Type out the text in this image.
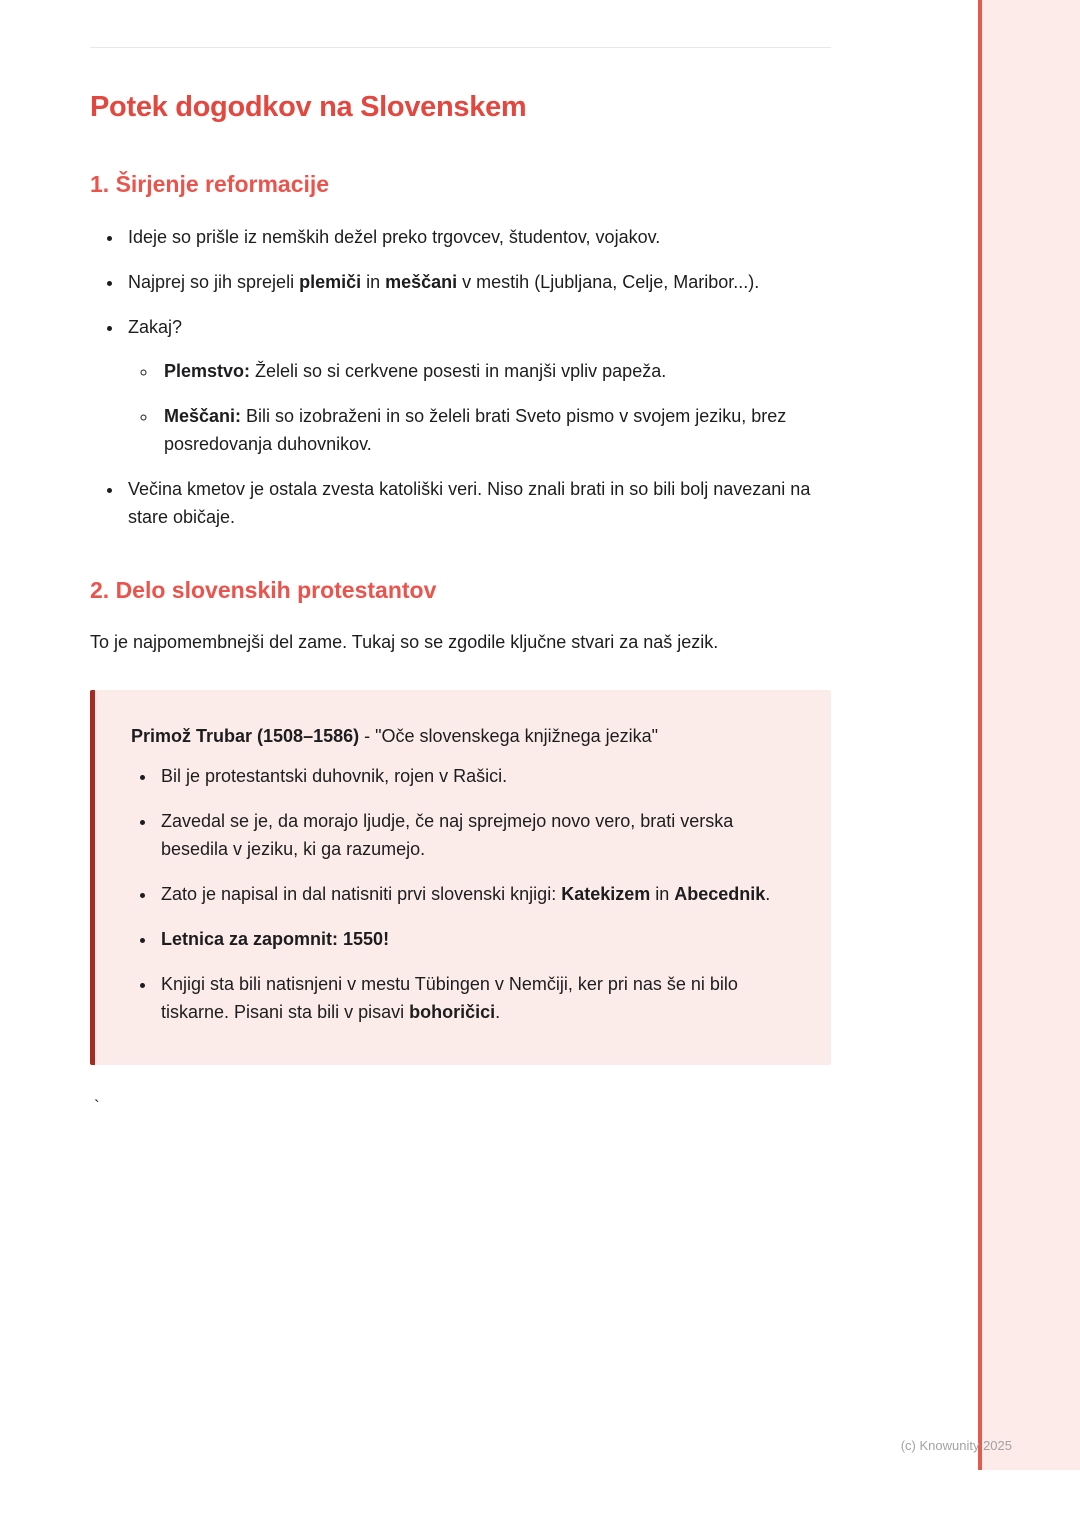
Potek dogodkov na Slovenskem
1. Širjenje reformacije
• Ideje so prišle iz nemških dežel preko trgovcev, študentov, vojakov.
• Najprej so jih sprejeli plemiči in meščani v mestih (Ljubljana, Celje, Maribor...).
• Zakaj?
◦ Plemstvo: Želeli so si cerkvene posesti in manjši vpliv papeža.
◦ Meščani: Bili so izobraženi in so želeli brati Sveto pismo v svojem jeziku, brez posredovanja duhovnikov.
• Večina kmetov je ostala zvesta katoliški veri. Niso znali brati in so bili bolj navezani na stare običaje.
2. Delo slovenskih protestantov

To je najpomembnejši del zame. Tukaj so se zgodile ključne stvari za naš jezik.

Primož Trubar (1508–1586) - "Oče slovenskega knjižnega jezika"

• Bil je protestantski duhovnik, rojen v Rašici.
• Zavedal se je, da morajo ljudje, če naj sprejmejo novo vero, brati verska besedila v jeziku, ki ga razumejo.
• Zato je napisal in dal natisniti prvi slovenski knjigi: Katekizem in Abecednik.
• Letnica za zapomnit: 1550!
• Knjigi sta bili natisnjeni v mestu Tübingen v Nemčiji, ker pri nas še ni bilo tiskarne. Pisani sta bili v pisavi bohoričici.
`
(c) Knowunity 2025
